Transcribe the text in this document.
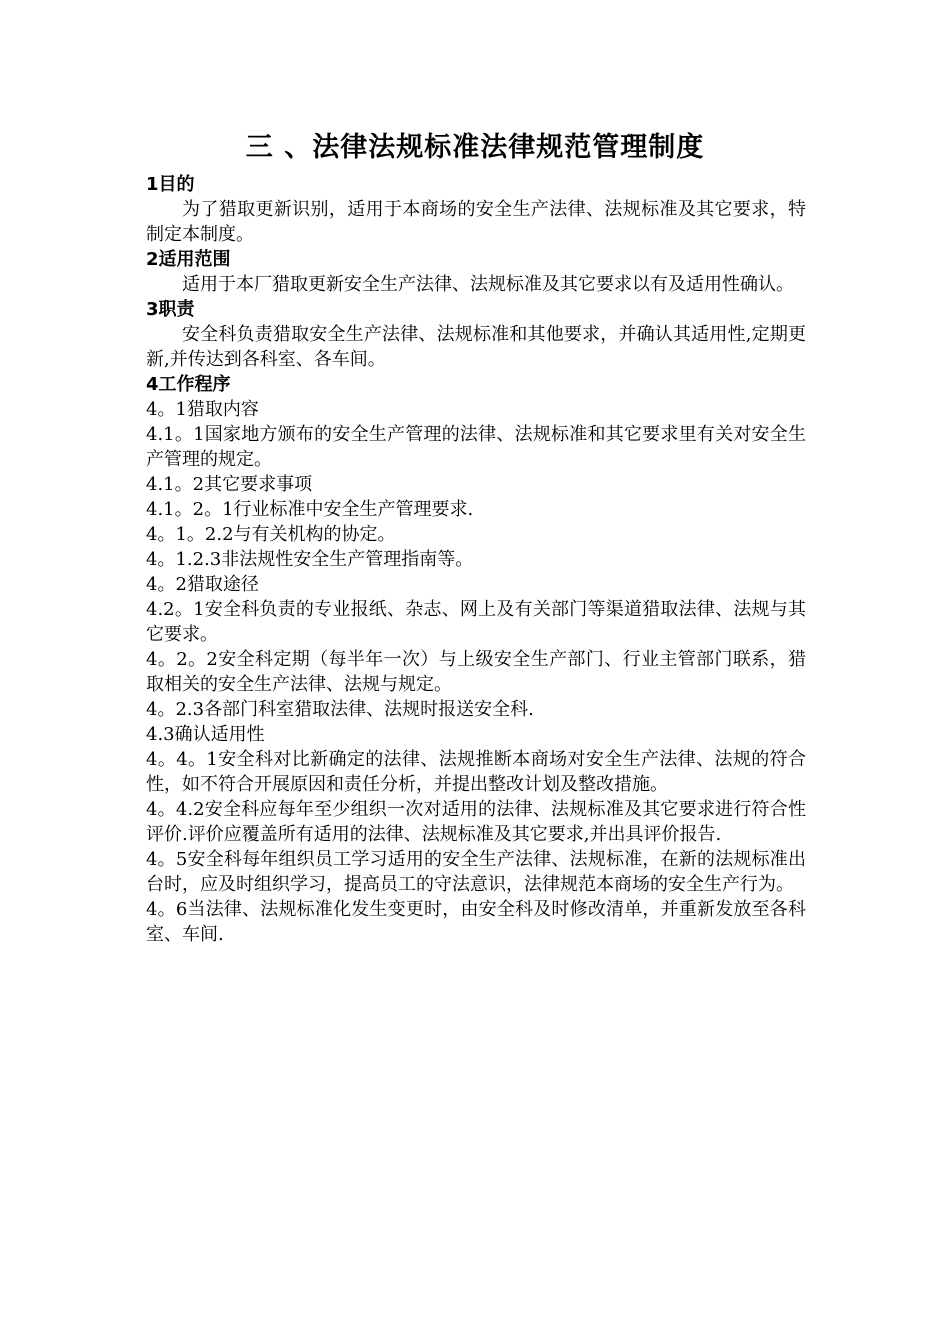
三 、法律法规标准法律规范管理制度

1目的

为了猎取更新识别，适用于本商场的安全生产法律、法规标准及其它要求，特制定本制度。

2适用范围

适用于本厂猎取更新安全生产法律、法规标准及其它要求以有及适用性确认。

3职责

安全科负责猎取安全生产法律、法规标准和其他要求，并确认其适用性,定期更新,并传达到各科室、各车间。

4工作程序

4。1猎取内容

4.1。1国家地方颁布的安全生产管理的法律、法规标准和其它要求里有关对安全生产管理的规定。

4.1。2其它要求事项

4.1。2。1行业标准中安全生产管理要求.

4。1。2.2与有关机构的协定。

4。1.2.3非法规性安全生产管理指南等。

4。2猎取途径

4.2。1安全科负责的专业报纸、杂志、网上及有关部门等渠道猎取法律、法规与其它要求。

4。2。2安全科定期（每半年一次）与上级安全生产部门、行业主管部门联系，猎取相关的安全生产法律、法规与规定。

4。2.3各部门科室猎取法律、法规时报送安全科.

4.3确认适用性

4。4。1安全科对比新确定的法律、法规推断本商场对安全生产法律、法规的符合性，如不符合开展原因和责任分析，并提出整改计划及整改措施。

4。4.2安全科应每年至少组织一次对适用的法律、法规标准及其它要求进行符合性评价.评价应覆盖所有适用的法律、法规标准及其它要求,并出具评价报告.

4。5安全科每年组织员工学习适用的安全生产法律、法规标准，在新的法规标准出台时，应及时组织学习，提高员工的守法意识，法律规范本商场的安全生产行为。

4。6当法律、法规标准化发生变更时，由安全科及时修改清单，并重新发放至各科室、车间.
